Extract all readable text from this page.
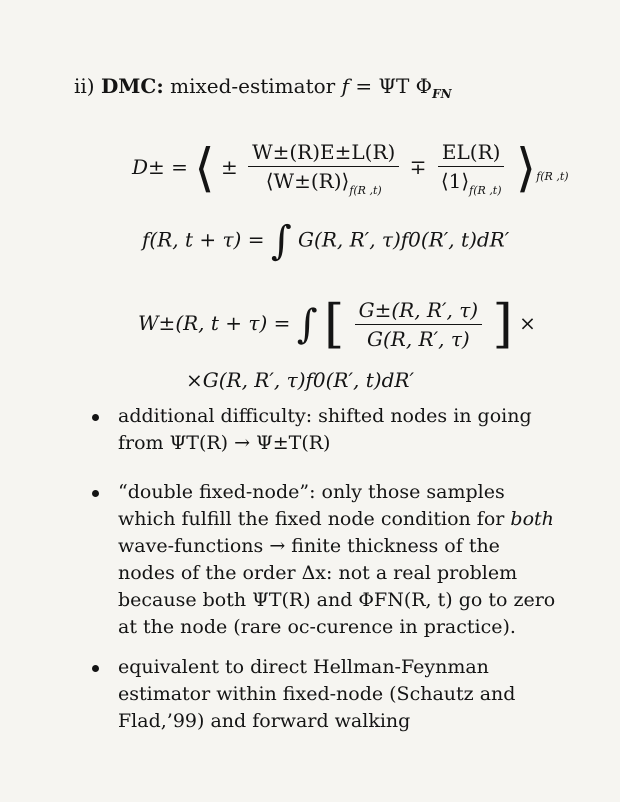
ii) DMC: mixed-estimator f = ΨT $\Phi_{FN}$
D± = ⟨ ± $\frac{W\pm(R)E\pm L(R)}{⟨W\pm(R)⟩_{f(R ,t)}} \mp \frac{EL(R)}{⟨1⟩_{f(R ,t)}}$ $⟩_{f(R ,t)}$
f(R, t + τ) = ∫ G(R, R′, τ)f0(R′, t)dR′
W±(R, t + τ) = ∫ [ $\frac{G\pm(R, R', \tau)}{G(R, R', \tau)}$ ] ×
×G(R, R′, τ)f0(R′, t)dR′
additional difficulty: shifted nodes in going from ΨT(R) → Ψ±T(R)
“double fixed-node”: only those samples which fulfill the fixed node condition for both wave-functions → finite thickness of the nodes of the order Δx: not a real problem because both ΨT(R) and ΦFN(R, t) go to zero at the node (rare oc-curence in practice).
equivalent to direct Hellman-Feynman estimator within fixed-node (Schautz and Flad,’99) and forward walking
